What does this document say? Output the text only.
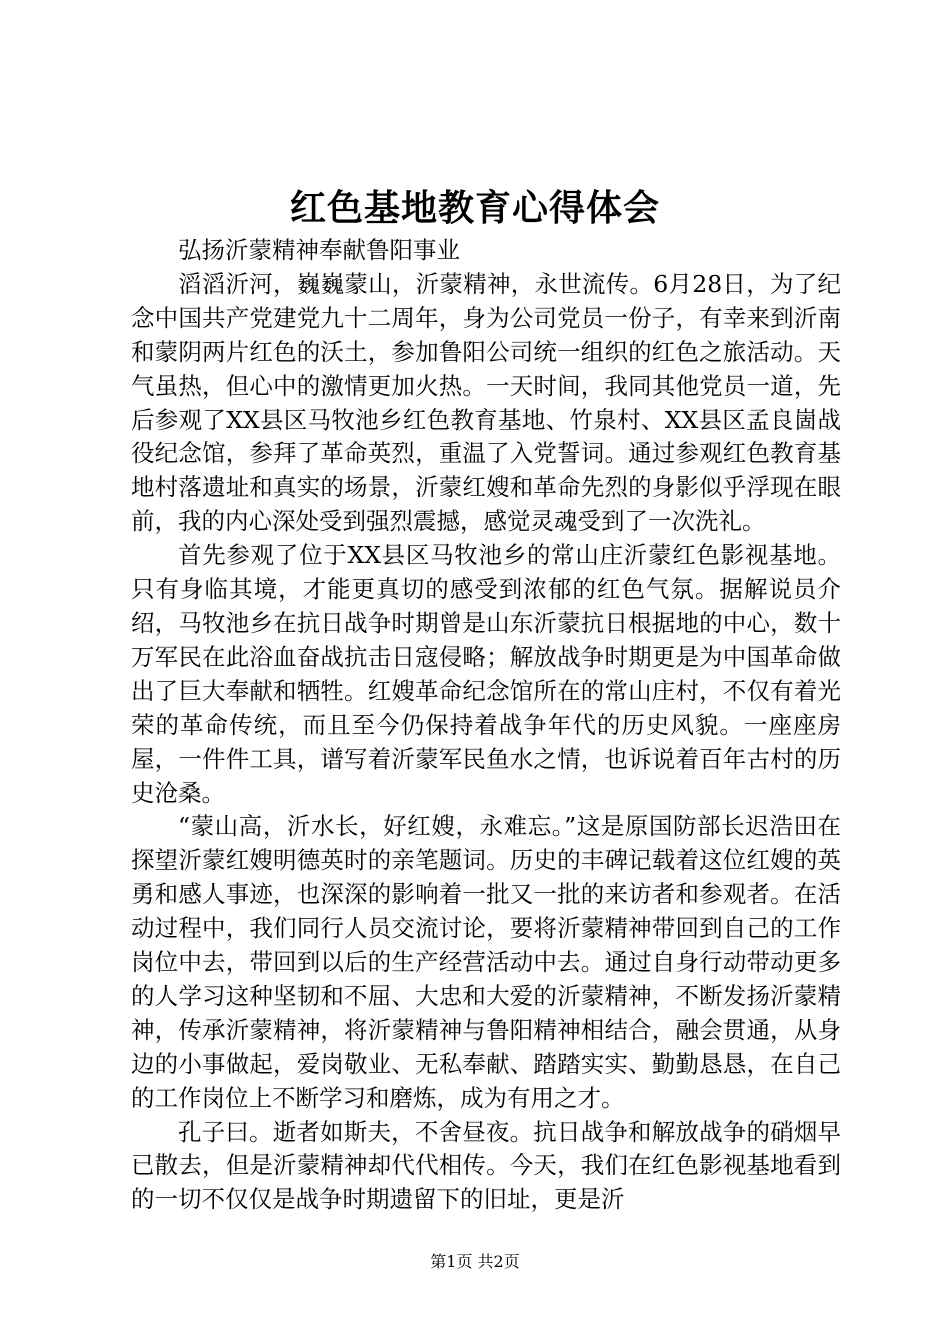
红色基地教育心得体会

弘扬沂蒙精神奉献鲁阳事业

滔滔沂河，巍巍蒙山，沂蒙精神，永世流传。6月28日，为了纪念中国共产党建党九十二周年，身为公司党员一份子，有幸来到沂南和蒙阴两片红色的沃土，参加鲁阳公司统一组织的红色之旅活动。天气虽热，但心中的激情更加火热。一天时间，我同其他党员一道，先后参观了XX县区马牧池乡红色教育基地、竹泉村、XX县区孟良崮战役纪念馆，参拜了革命英烈，重温了入党誓词。通过参观红色教育基地村落遗址和真实的场景，沂蒙红嫂和革命先烈的身影似乎浮现在眼前，我的内心深处受到强烈震撼，感觉灵魂受到了一次洗礼。

首先参观了位于XX县区马牧池乡的常山庄沂蒙红色影视基地。只有身临其境，才能更真切的感受到浓郁的红色气氛。据解说员介绍，马牧池乡在抗日战争时期曾是山东沂蒙抗日根据地的中心，数十万军民在此浴血奋战抗击日寇侵略；解放战争时期更是为中国革命做出了巨大奉献和牺牲。红嫂革命纪念馆所在的常山庄村，不仅有着光荣的革命传统，而且至今仍保持着战争年代的历史风貌。一座座房屋，一件件工具，谱写着沂蒙军民鱼水之情，也诉说着百年古村的历史沧桑。

“蒙山高，沂水长，好红嫂，永难忘。”这是原国防部长迟浩田在探望沂蒙红嫂明德英时的亲笔题词。历史的丰碑记载着这位红嫂的英勇和感人事迹，也深深的影响着一批又一批的来访者和参观者。在活动过程中，我们同行人员交流讨论，要将沂蒙精神带回到自己的工作岗位中去，带回到以后的生产经营活动中去。通过自身行动带动更多的人学习这种坚韧和不屈、大忠和大爱的沂蒙精神，不断发扬沂蒙精神，传承沂蒙精神，将沂蒙精神与鲁阳精神相结合，融会贯通，从身边的小事做起，爱岗敬业、无私奉献、踏踏实实、勤勤恳恳，在自己的工作岗位上不断学习和磨炼，成为有用之才。

孔子曰。逝者如斯夫，不舍昼夜。抗日战争和解放战争的硝烟早已散去，但是沂蒙精神却代代相传。今天，我们在红色影视基地看到的一切不仅仅是战争时期遗留下的旧址，更是沂

第1页 共2页
